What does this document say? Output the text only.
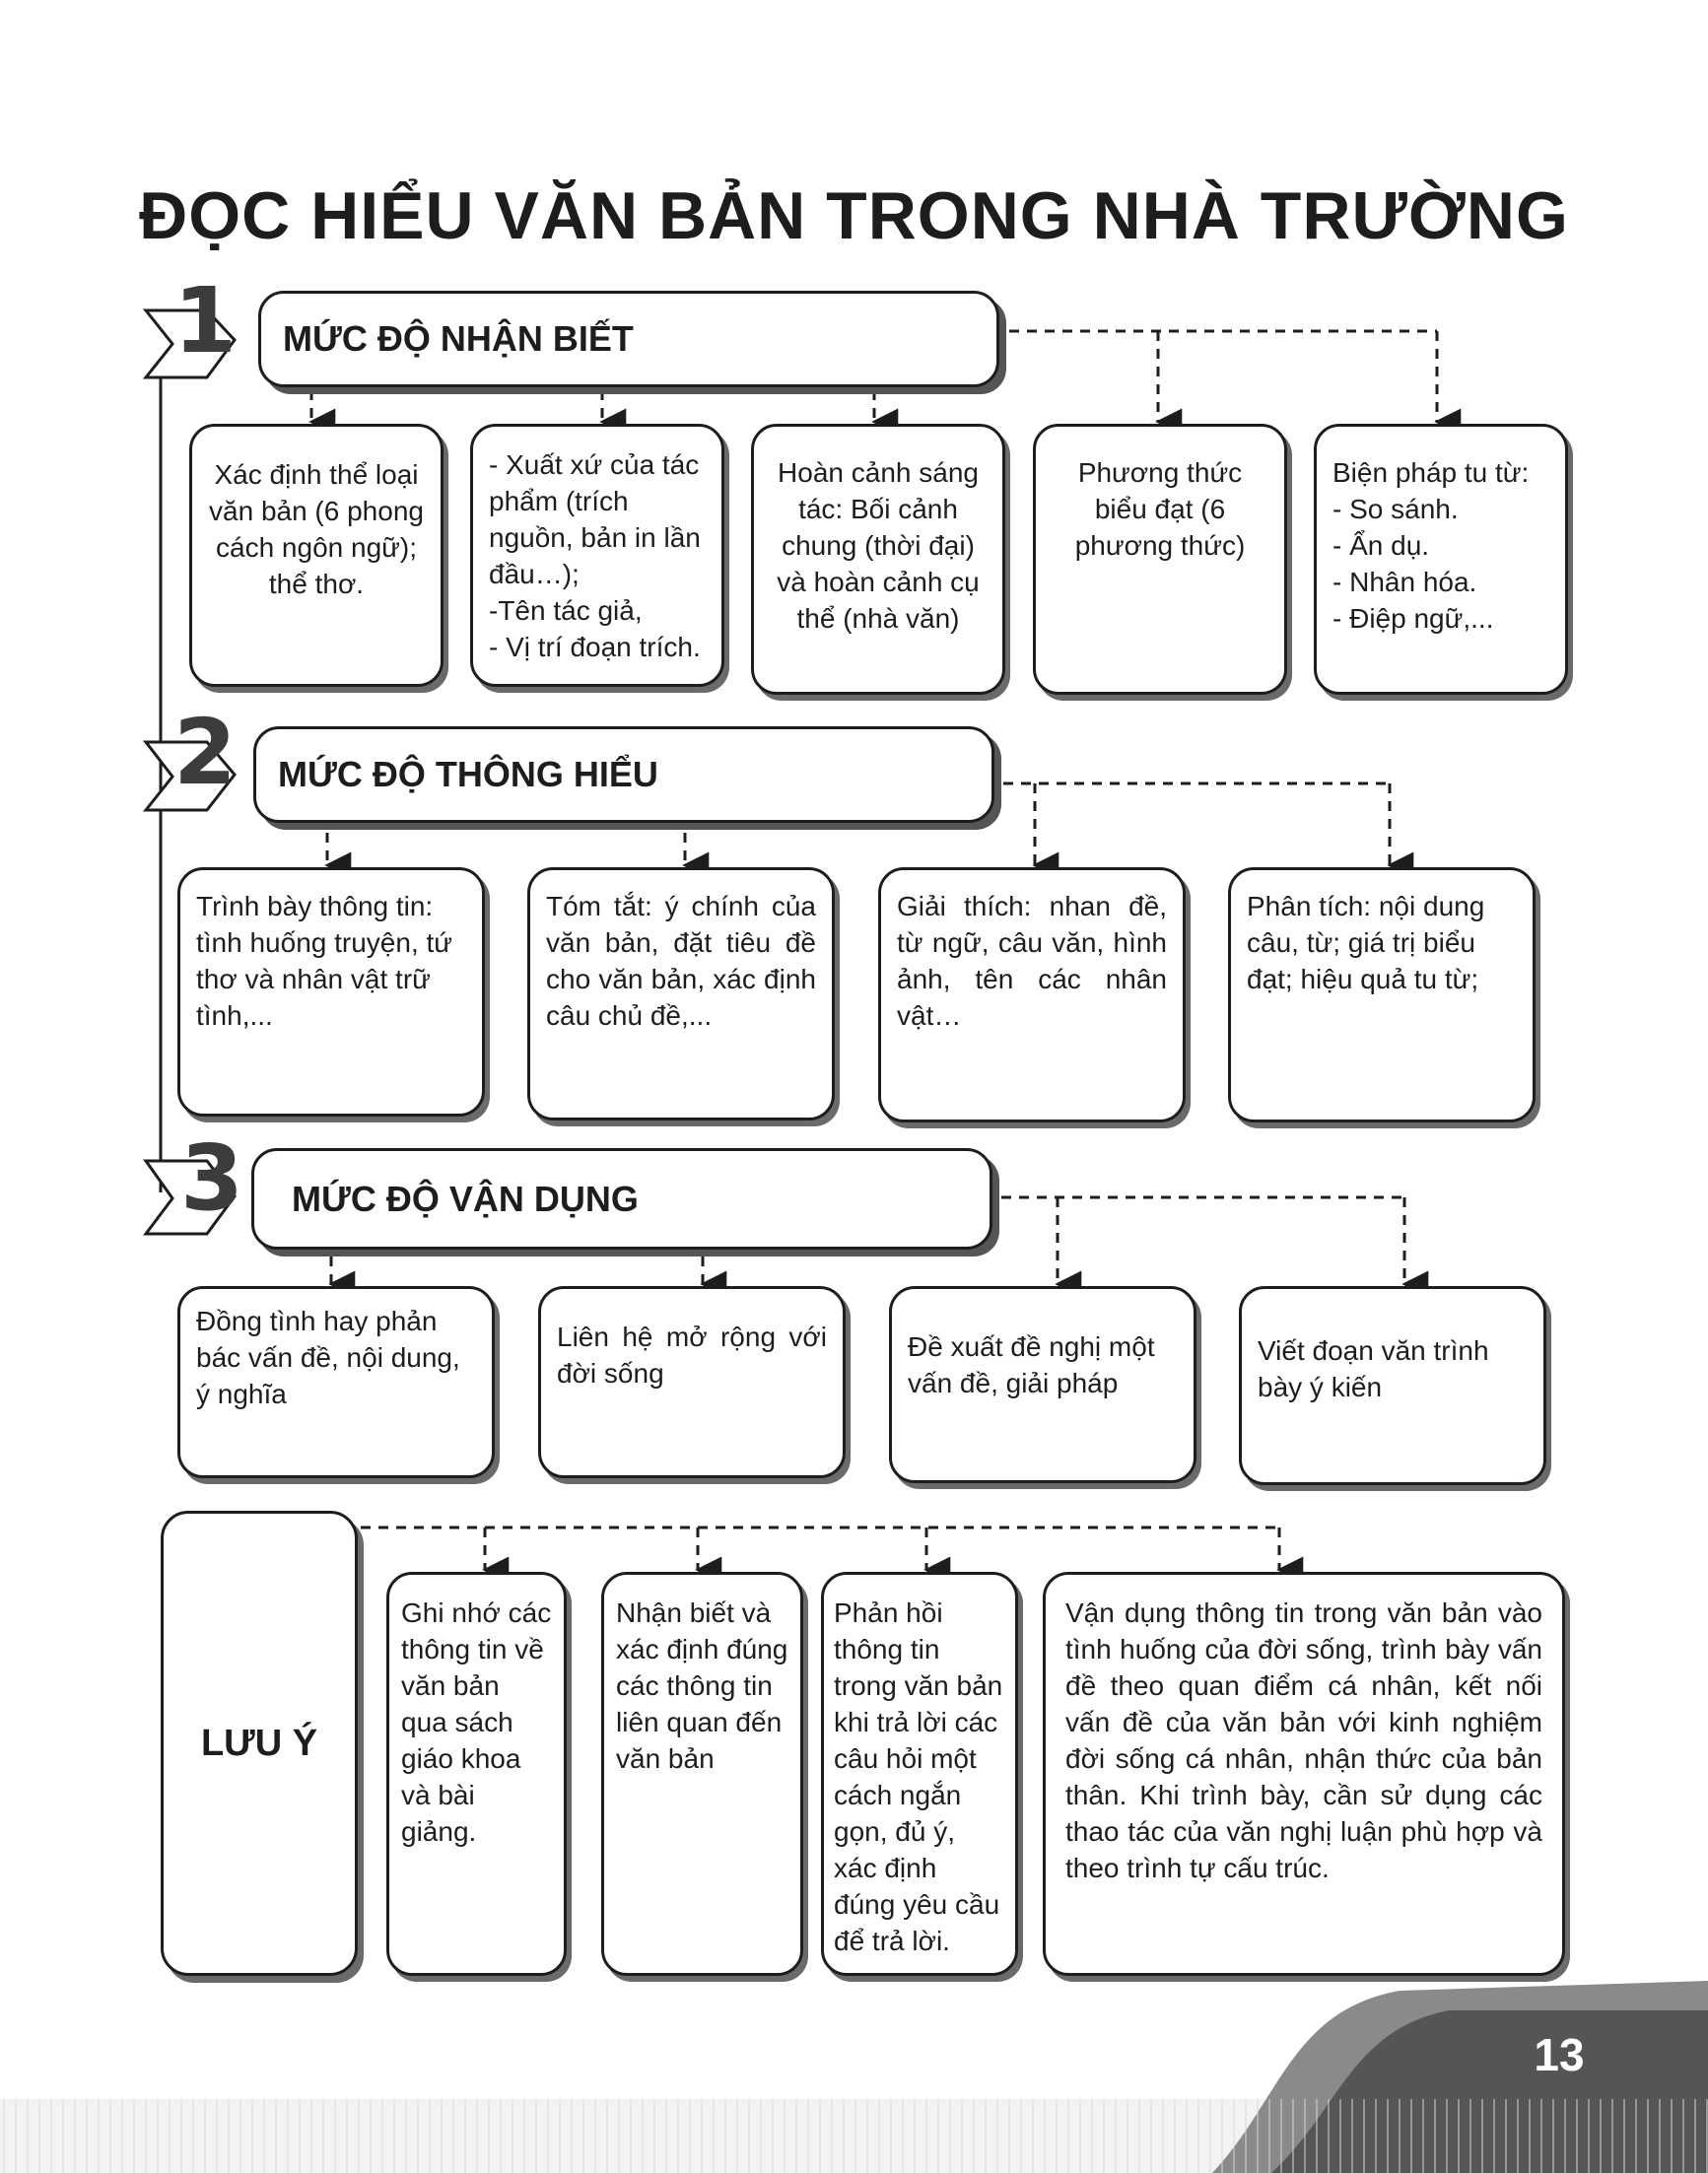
ĐỌC HIỂU VĂN BẢN TRONG NHÀ TRƯỜNG
1	MỨC ĐỘ NHẬN BIẾT
Xác định thể loại văn bản (6 phong cách ngôn ngữ); thể thơ.
- Xuất xứ của tác phẩm (trích nguồn, bản in lần đầu…);
-Tên tác giả,
- Vị trí đoạn trích.
Hoàn cảnh sáng tác: Bối cảnh chung (thời đại) và hoàn cảnh cụ thể (nhà văn)
Phương thức biểu đạt (6 phương thức)
Biện pháp tu từ:
- So sánh.
- Ẩn dụ.
- Nhân hóa.
- Điệp ngữ,...
2	MỨC ĐỘ THÔNG HIỂU
Trình bày thông tin: tình huống truyện, tứ thơ và nhân vật trữ tình,...
Tóm tắt: ý chính của văn bản, đặt tiêu đề cho văn bản, xác định câu chủ đề,...
Giải thích: nhan đề, từ ngữ, câu văn, hình ảnh, tên các nhân vật…
Phân tích: nội dung câu, từ; giá trị biểu đạt; hiệu quả tu từ;
3	MỨC ĐỘ VẬN DỤNG
Đồng tình hay phản bác vấn đề, nội dung, ý nghĩa
Liên hệ mở rộng với đời sống
Đề xuất đề nghị một vấn đề, giải pháp
Viết đoạn văn trình bày ý kiến
LƯU Ý
Ghi nhớ các thông tin về văn bản qua sách giáo khoa và bài giảng.
Nhận biết và xác định đúng các thông tin liên quan đến văn bản
Phản hồi thông tin trong văn bản khi trả lời các câu hỏi một cách ngắn gọn, đủ ý, xác định đúng yêu cầu để trả lời.
Vận dụng thông tin trong văn bản vào tình huống của đời sống, trình bày vấn đề theo quan điểm cá nhân, kết nối vấn đề của văn bản với kinh nghiệm đời sống cá nhân, nhận thức của bản thân. Khi trình bày, cần sử dụng các thao tác của văn nghị luận phù hợp và theo trình tự cấu trúc.
13
